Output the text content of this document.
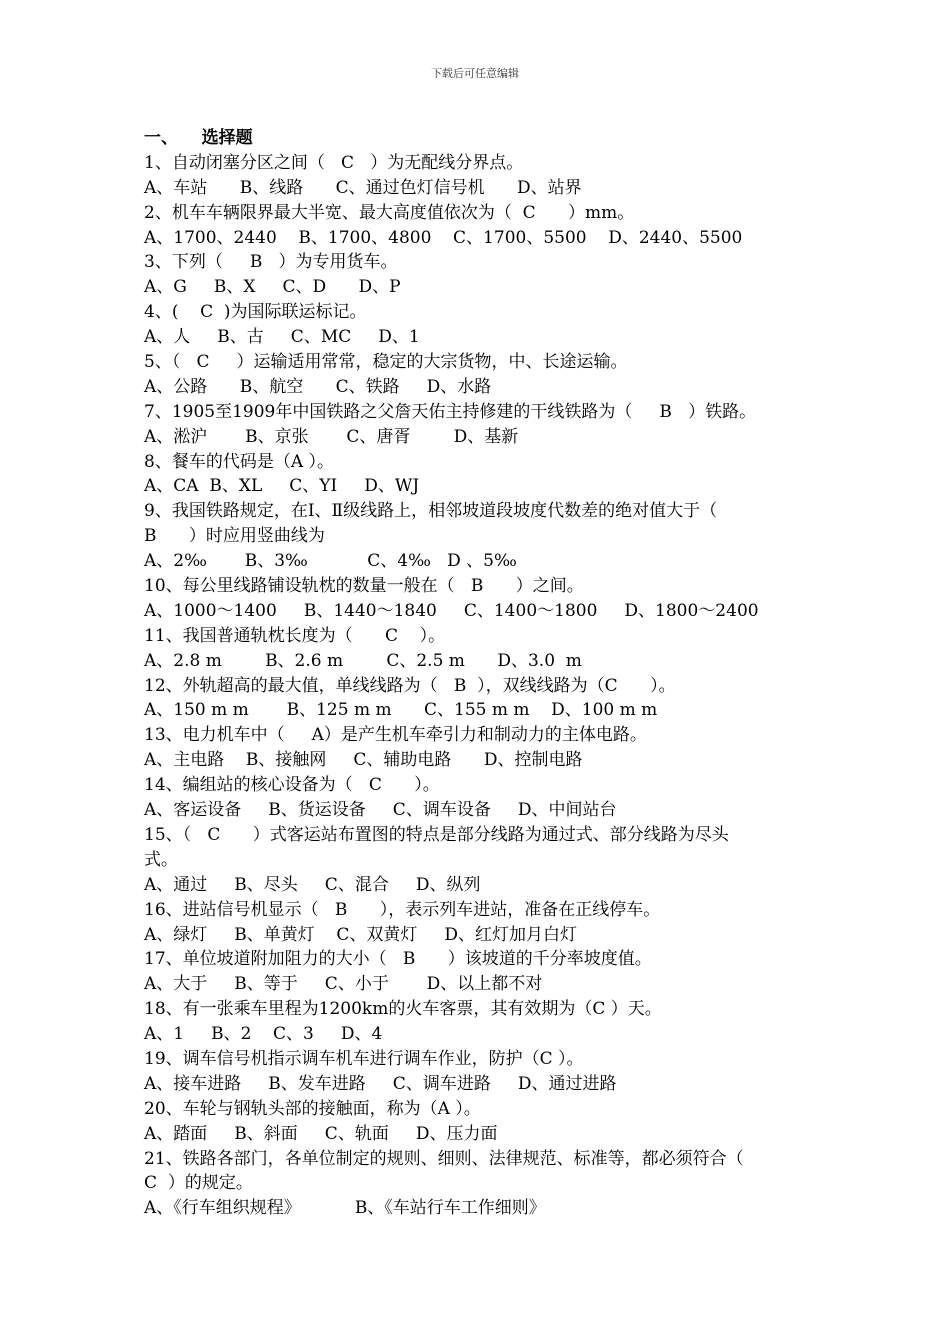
下载后可任意编辑
一、    选择题
1、自动闭塞分区之间（   C   ）为无配线分界点。
A、车站      B、线路      C、通过色灯信号机      D、站界
2、机车车辆限界最大半宽、最大高度值依次为（  C      ）mm。
A、1700、2440    B、1700、4800    C、1700、5500    D、2440、5500
3、下列（     B   ）为专用货车。
A、G     B、X     C、D      D、P
4、(    C  )为国际联运标记。
A、人     B、古     C、MC     D、1
5、（   C     ）运输适用常常，稳定的大宗货物，中、长途运输。
A、公路      B、航空      C、铁路     D、水路
7、1905至1909年中国铁路之父詹天佑主持修建的干线铁路为（     B   ）铁路。
A、淞沪       B、京张       C、唐胥        D、基新
8、餐车的代码是（A ）。
A、CA  B、XL     C、YI     D、WJ
9、我国铁路规定，在Ⅰ、Ⅱ级线路上，相邻坡道段坡度代数差的绝对值大于（
B      ）时应用竖曲线为
A、2‰       B、3‰           C、4‰   D 、5‰
10、每公里线路铺设轨枕的数量一般在（   B      ）之间。
A、1000～1400     B、1440～1840     C、1400～1800     D、1800～2400
11、我国普通轨枕长度为（      C    ）。
A、2.8 m        B、2.6 m        C、2.5 m      D、3.0  m
12、外轨超高的最大值，单线线路为（   B  ），双线线路为（C      ）。
A、150 m m       B、125 m m      C、155 m m    D、100 m m
13、电力机车中（     A）是产生机车牵引力和制动力的主体电路。
A、主电路    B、接触网     C、辅助电路      D、控制电路
14、编组站的核心设备为（   C      ）。
A、客运设备     B、货运设备     C、调车设备     D、中间站台
15、（   C      ）式客运站布置图的特点是部分线路为通过式、部分线路为尽头
式。
A、通过     B、尽头     C、混合     D、纵列
16、进站信号机显示（   B      ），表示列车进站，准备在正线停车。
A、绿灯     B、单黄灯    C、双黄灯     D、红灯加月白灯
17、单位坡道附加阻力的大小（   B      ）该坡道的千分率坡度值。
A、大于     B、等于     C、小于       D、以上都不对
18、有一张乘车里程为1200km的火车客票，其有效期为（C ）天。
A、1     B、2    C、3     D、4
19、调车信号机指示调车机车进行调车作业，防护（C ）。
A、接车进路     B、发车进路     C、调车进路     D、通过进路
20、车轮与钢轨头部的接触面，称为（A ）。
A、踏面     B、斜面     C、轨面     D、压力面
21、铁路各部门，各单位制定的规则、细则、法律规范、标准等，都必须符合（
C  ）的规定。
A、《行车组织规程》          B、《车站行车工作细则》
